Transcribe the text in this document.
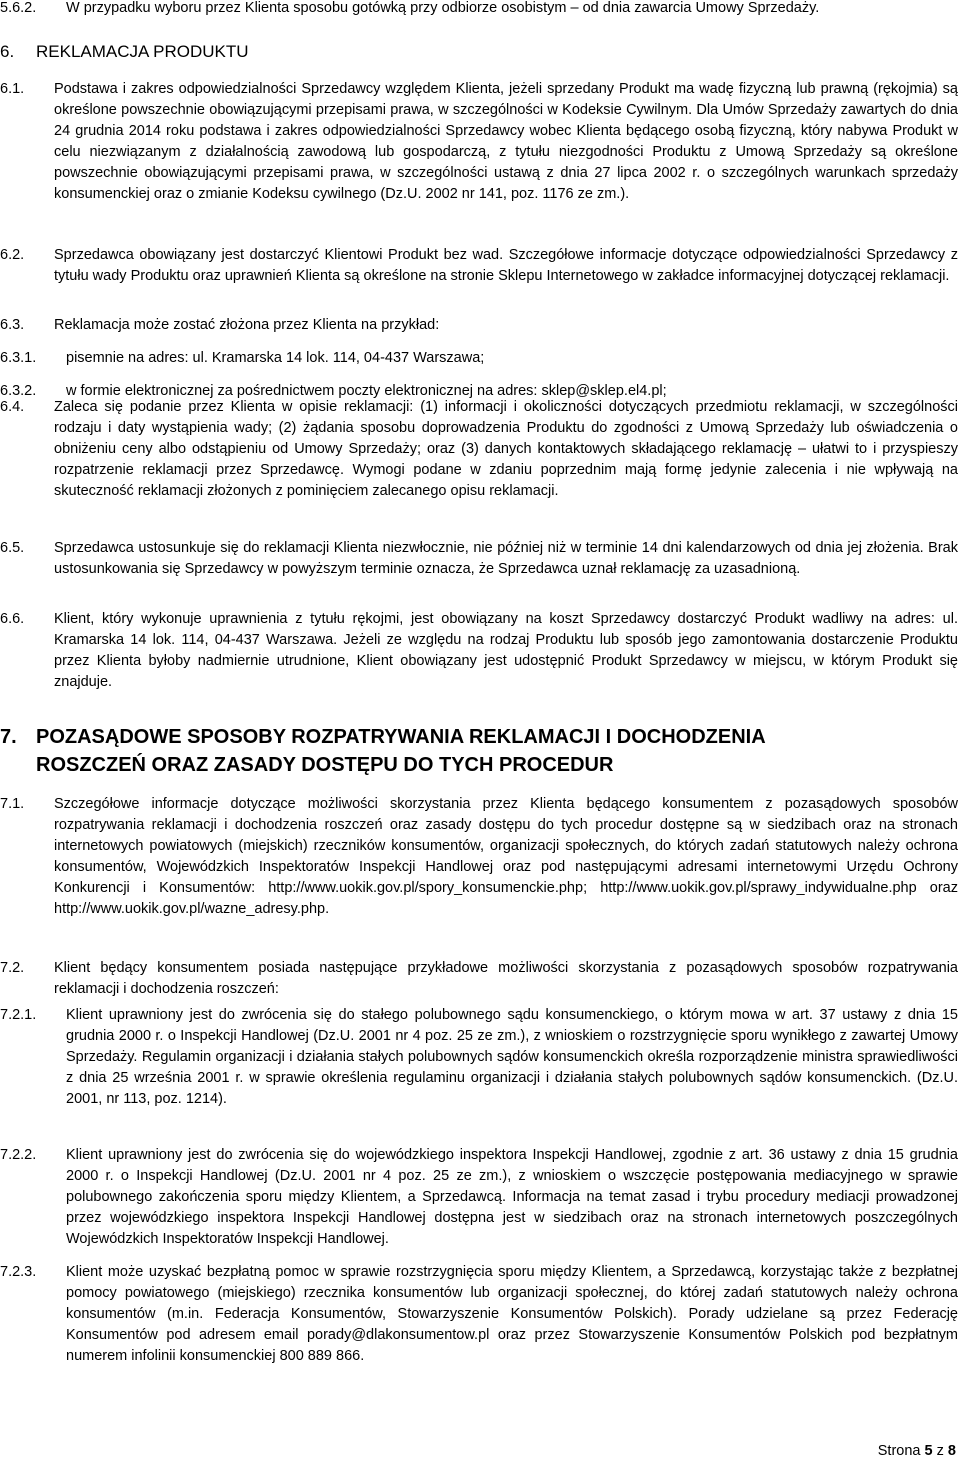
5.6.2. W przypadku wyboru przez Klienta sposobu gotówką przy odbiorze osobistym – od dnia zawarcia Umowy Sprzedaży.
6. REKLAMACJA PRODUKTU
6.1. Podstawa i zakres odpowiedzialności Sprzedawcy względem Klienta, jeżeli sprzedany Produkt ma wadę fizyczną lub prawną (rękojmia) są określone powszechnie obowiązującymi przepisami prawa, w szczególności w Kodeksie Cywilnym. Dla Umów Sprzedaży zawartych do dnia 24 grudnia 2014 roku podstawa i zakres odpowiedzialności Sprzedawcy wobec Klienta będącego osobą fizyczną, który nabywa Produkt w celu niezwiązanym z działalnością zawodową lub gospodarczą, z tytułu niezgodności Produktu z Umową Sprzedaży są określone powszechnie obowiązującymi przepisami prawa, w szczególności ustawą z dnia 27 lipca 2002 r. o szczególnych warunkach sprzedaży konsumenckiej oraz o zmianie Kodeksu cywilnego (Dz.U. 2002 nr 141, poz. 1176 ze zm.).
6.2. Sprzedawca obowiązany jest dostarczyć Klientowi Produkt bez wad. Szczegółowe informacje dotyczące odpowiedzialności Sprzedawcy z tytułu wady Produktu oraz uprawnień Klienta są określone na stronie Sklepu Internetowego w zakładce informacyjnej dotyczącej reklamacji.
6.3. Reklamacja może zostać złożona przez Klienta na przykład:
6.3.1. pisemnie na adres: ul. Kramarska 14 lok. 114, 04-437 Warszawa;
6.3.2. w formie elektronicznej za pośrednictwem poczty elektronicznej na adres: sklep@sklep.el4.pl;
6.4. Zaleca się podanie przez Klienta w opisie reklamacji: (1) informacji i okoliczności dotyczących przedmiotu reklamacji, w szczególności rodzaju i daty wystąpienia wady; (2) żądania sposobu doprowadzenia Produktu do zgodności z Umową Sprzedaży lub oświadczenia o obniżeniu ceny albo odstąpieniu od Umowy Sprzedaży; oraz (3) danych kontaktowych składającego reklamację – ułatwi to i przyspieszy rozpatrzenie reklamacji przez Sprzedawcę. Wymogi podane w zdaniu poprzednim mają formę jedynie zalecenia i nie wpływają na skuteczność reklamacji złożonych z pominięciem zalecanego opisu reklamacji.
6.5. Sprzedawca ustosunkuje się do reklamacji Klienta niezwłocznie, nie później niż w terminie 14 dni kalendarzowych od dnia jej złożenia. Brak ustosunkowania się Sprzedawcy w powyższym terminie oznacza, że Sprzedawca uznał reklamację za uzasadnioną.
6.6. Klient, który wykonuje uprawnienia z tytułu rękojmi, jest obowiązany na koszt Sprzedawcy dostarczyć Produkt wadliwy na adres: ul. Kramarska 14 lok. 114, 04-437 Warszawa. Jeżeli ze względu na rodzaj Produktu lub sposób jego zamontowania dostarczenie Produktu przez Klienta byłoby nadmiernie utrudnione, Klient obowiązany jest udostępnić Produkt Sprzedawcy w miejscu, w którym Produkt się znajduje.
7. POZASĄDOWE SPOSOBY ROZPATRYWANIA REKLAMACJI I DOCHODZENIA
ROSZCZEŃ ORAZ ZASADY DOSTĘPU DO TYCH PROCEDUR
7.1. Szczegółowe informacje dotyczące możliwości skorzystania przez Klienta będącego konsumentem z pozasądowych sposobów rozpatrywania reklamacji i dochodzenia roszczeń oraz zasady dostępu do tych procedur dostępne są w siedzibach oraz na stronach internetowych powiatowych (miejskich) rzeczników konsumentów, organizacji społecznych, do których zadań statutowych należy ochrona konsumentów, Wojewódzkich Inspektoratów Inspekcji Handlowej oraz pod następującymi adresami internetowymi Urzędu Ochrony Konkurencji i Konsumentów: http://www.uokik.gov.pl/spory_konsumenckie.php; http://www.uokik.gov.pl/sprawy_indywidualne.php oraz http://www.uokik.gov.pl/wazne_adresy.php.
7.2. Klient będący konsumentem posiada następujące przykładowe możliwości skorzystania z pozasądowych sposobów rozpatrywania reklamacji i dochodzenia roszczeń:
7.2.1. Klient uprawniony jest do zwrócenia się do stałego polubownego sądu konsumenckiego, o którym mowa w art. 37 ustawy z dnia 15 grudnia 2000 r. o Inspekcji Handlowej (Dz.U. 2001 nr 4 poz. 25 ze zm.), z wnioskiem o rozstrzygnięcie sporu wynikłego z zawartej Umowy Sprzedaży. Regulamin organizacji i działania stałych polubownych sądów konsumenckich określa rozporządzenie ministra sprawiedliwości z dnia 25 września 2001 r. w sprawie określenia regulaminu organizacji i działania stałych polubownych sądów konsumenckich. (Dz.U. 2001, nr 113, poz. 1214).
7.2.2. Klient uprawniony jest do zwrócenia się do wojewódzkiego inspektora Inspekcji Handlowej, zgodnie z art. 36 ustawy z dnia 15 grudnia 2000 r. o Inspekcji Handlowej (Dz.U. 2001 nr 4 poz. 25 ze zm.), z wnioskiem o wszczęcie postępowania mediacyjnego w sprawie polubownego zakończenia sporu między Klientem, a Sprzedawcą. Informacja na temat zasad i trybu procedury mediacji prowadzonej przez wojewódzkiego inspektora Inspekcji Handlowej dostępna jest w siedzibach oraz na stronach internetowych poszczególnych Wojewódzkich Inspektoratów Inspekcji Handlowej.
7.2.3. Klient może uzyskać bezpłatną pomoc w sprawie rozstrzygnięcia sporu między Klientem, a Sprzedawcą, korzystając także z bezpłatnej pomocy powiatowego (miejskiego) rzecznika konsumentów lub organizacji społecznej, do której zadań statutowych należy ochrona konsumentów (m.in. Federacja Konsumentów, Stowarzyszenie Konsumentów Polskich). Porady udzielane są przez Federację Konsumentów pod adresem email porady@dlakonsumentow.pl oraz przez Stowarzyszenie Konsumentów Polskich pod bezpłatnym numerem infolinii konsumenckiej 800 889 866.
Strona 5 z 8
